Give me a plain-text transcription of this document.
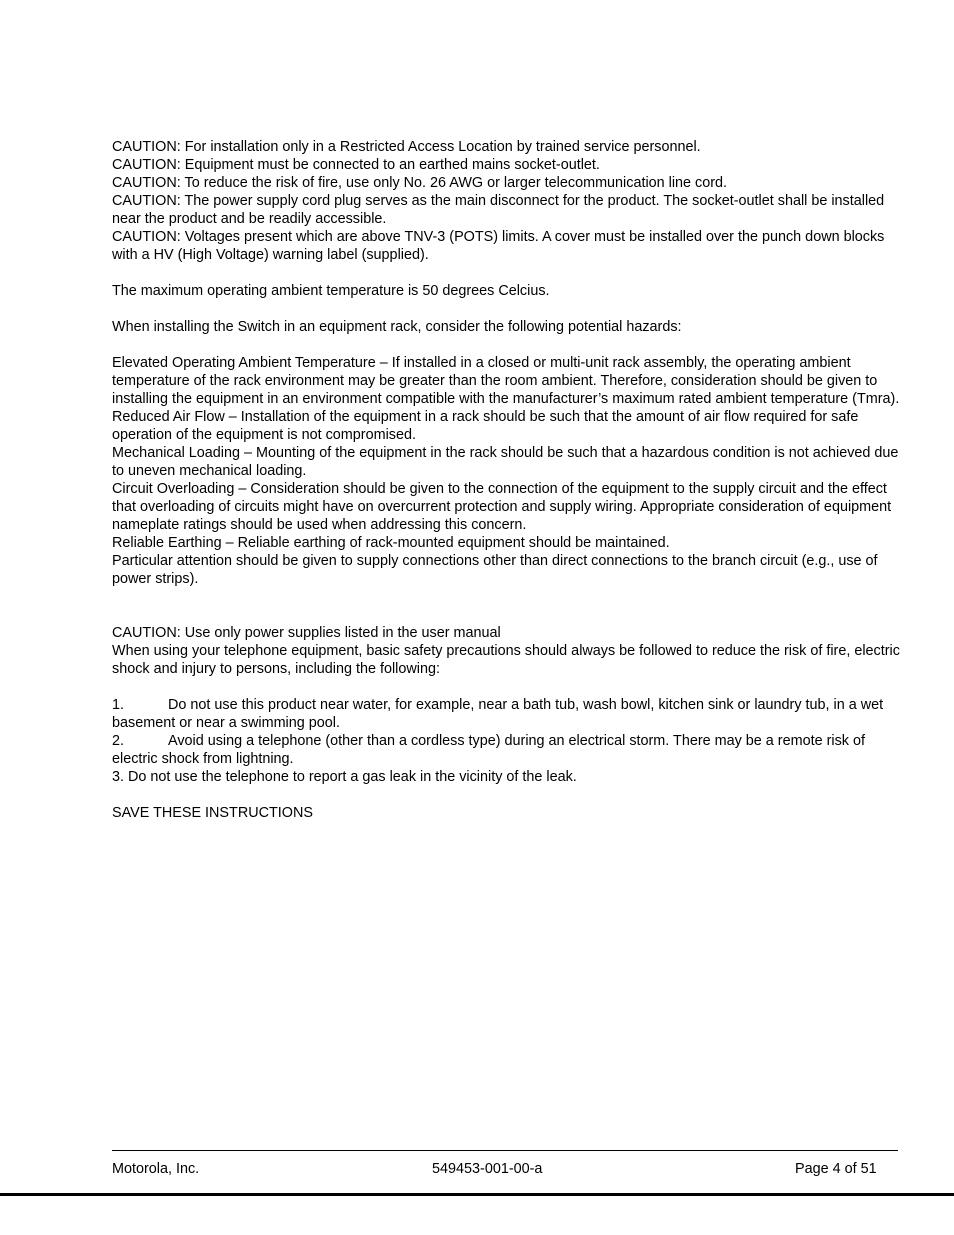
CAUTION: For installation only in a Restricted Access Location by trained service personnel.
CAUTION: Equipment must be connected to an earthed mains socket-outlet.
CAUTION: To reduce the risk of fire, use only No. 26 AWG or larger telecommunication line cord.
CAUTION: The power supply cord plug serves as the main disconnect for the product. The socket-outlet shall be installed near the product and be readily accessible.
CAUTION: Voltages present which are above TNV-3 (POTS) limits. A cover must be installed over the punch down blocks with a HV (High Voltage) warning label (supplied).
The maximum operating ambient temperature is 50 degrees Celcius.
When installing the Switch in an equipment rack, consider the following potential hazards:
Elevated Operating Ambient Temperature – If installed in a closed or multi-unit rack assembly, the operating ambient temperature of the rack environment may be greater than the room ambient. Therefore, consideration should be given to installing the equipment in an environment compatible with the manufacturer’s maximum rated ambient temperature (Tmra).
Reduced Air Flow – Installation of the equipment in a rack should be such that the amount of air flow required for safe operation of the equipment is not compromised.
Mechanical Loading – Mounting of the equipment in the rack should be such that a hazardous condition is not achieved due to uneven mechanical loading.
Circuit Overloading – Consideration should be given to the connection of the equipment to the supply circuit and the effect that overloading of circuits might have on overcurrent protection and supply wiring. Appropriate consideration of equipment nameplate ratings should be used when addressing this concern.
Reliable Earthing – Reliable earthing of rack-mounted equipment should be maintained.
Particular attention should be given to supply connections other than direct connections to the branch circuit (e.g., use of power strips).
CAUTION: Use only power supplies listed in the user manual
When using your telephone equipment, basic safety precautions should always be followed to reduce the risk of fire, electric shock and injury to persons, including the following:
1.	Do not use this product near water, for example, near a bath tub, wash bowl, kitchen sink or laundry tub, in a wet basement or near a swimming pool.
2.	Avoid using a telephone (other than a cordless type) during an electrical storm. There may be a remote risk of electric shock from lightning.
3. Do not use the telephone to report a gas leak in the vicinity of the leak.
SAVE THESE INSTRUCTIONS
Motorola, Inc.	549453-001-00-a	Page 4 of 51
